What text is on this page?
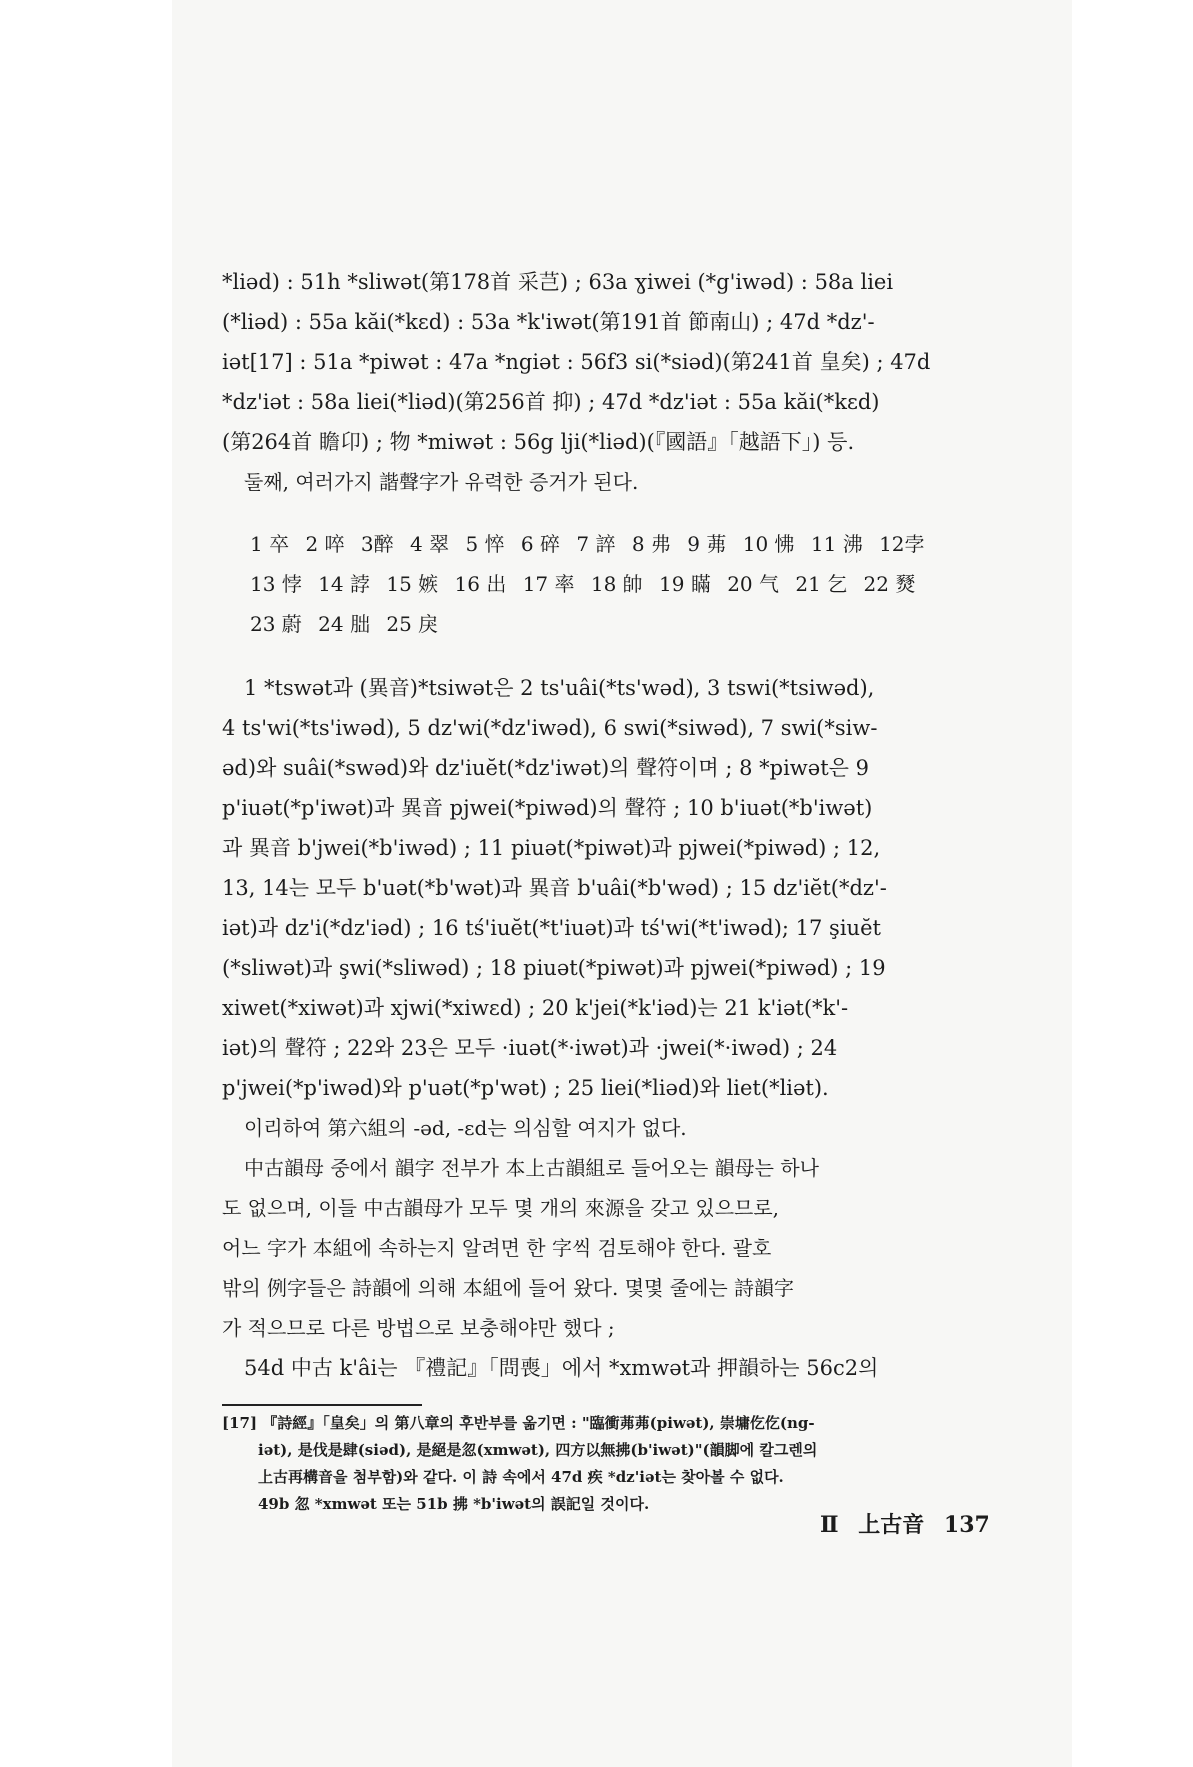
*liəd) : 51h *sliwət(第178首 采芑) ; 63a ɣiwei (*g'iwəd) : 58a liei

(*liəd) : 55a kăi(*kɛd) : 53a *k'iwət(第191首 節南山) ; 47d *dz'-

iət[17] : 51a *piwət : 47a *ngiət : 56f3 si(*siəd)(第241首 皇矣) ; 47d

*dz'iət : 58a liei(*liəd)(第256首 抑) ; 47d *dz'iət : 55a kăi(*kɛd)

(第264首 瞻卬) ; 物 *miwət : 56g lji(*liəd)(『國語』「越語下」) 등.

둘째, 여러가지 諧聲字가 유력한 증거가 된다.

1 卒 2 啐 3醉 4 翠 5 悴 6 碎 7 誶 8 弗 9 茀 10 怫 11 沸 12孛
13 悖 14 誖 15 嫉 16 出 17 率 18 帥 19 瞞 20 气 21 乞 22 燹
23 蔚 24 朏 25 戾

1 *tswət과 (異音)*tsiwət은 2 ts'uâi(*ts'wəd), 3 tswi(*tsiwəd),

4 ts'wi(*ts'iwəd), 5 dz'wi(*dz'iwəd), 6 swi(*siwəd), 7 swi(*siw-

əd)와 suâi(*swəd)와 dz'iuĕt(*dz'iwət)의 聲符이며 ; 8 *piwət은 9

p'iuət(*p'iwət)과 異音 pjwei(*piwəd)의 聲符 ; 10 b'iuət(*b'iwət)

과 異音 b'jwei(*b'iwəd) ; 11 piuət(*piwət)과 pjwei(*piwəd) ; 12,

13, 14는 모두 b'uət(*b'wət)과 異音 b'uâi(*b'wəd) ; 15 dz'iĕt(*dz'-

iət)과 dz'i(*dz'iəd) ; 16 tś'iuĕt(*t'iuət)과 tś'wi(*t'iwəd); 17 şiuĕt

(*sliwət)과 şwi(*sliwəd) ; 18 piuət(*piwət)과 pjwei(*piwəd) ; 19

xiwet(*xiwət)과 xjwi(*xiwɛd) ; 20 k'jei(*k'iəd)는 21 k'iət(*k'-

iət)의 聲符 ; 22와 23은 모두 ·iuət(*·iwət)과 ·jwei(*·iwəd) ; 24

p'jwei(*p'iwəd)와 p'uət(*p'wət) ; 25 liei(*liəd)와 liet(*liət).

이리하여 第六組의 -əd, -ɛd는 의심할 여지가 없다.

中古韻母 중에서 韻字 전부가 本上古韻組로 들어오는 韻母는 하나

도 없으며, 이들 中古韻母가 모두 몇 개의 來源을 갖고 있으므로,

어느 字가 本組에 속하는지 알려면 한 字씩 검토해야 한다. 괄호

밖의 例字들은 詩韻에 의해 本組에 들어 왔다. 몇몇 줄에는 詩韻字

가 적으므로 다른 방법으로 보충해야만 했다 ;

54d 中古 k'âi는 『禮記』「問喪」에서 *xmwət과 押韻하는 56c2의

[17] 『詩經』「皇矣」의 第八章의 후반부를 옮기면 : "臨衝茀茀(piwət), 崇墉仡仡(ng-
iət), 是伐是肆(siəd), 是絕是忽(xmwət), 四方以無拂(b'iwət)"(韻脚에 칼그렌의
上古再構音을 첨부함)와 같다. 이 詩 속에서 47d 疾 *dz'iət는 찾아볼 수 없다.
49b 忽 *xmwət 또는 51b 拂 *b'iwət의 誤記일 것이다.
Ⅱ 上古音 137
